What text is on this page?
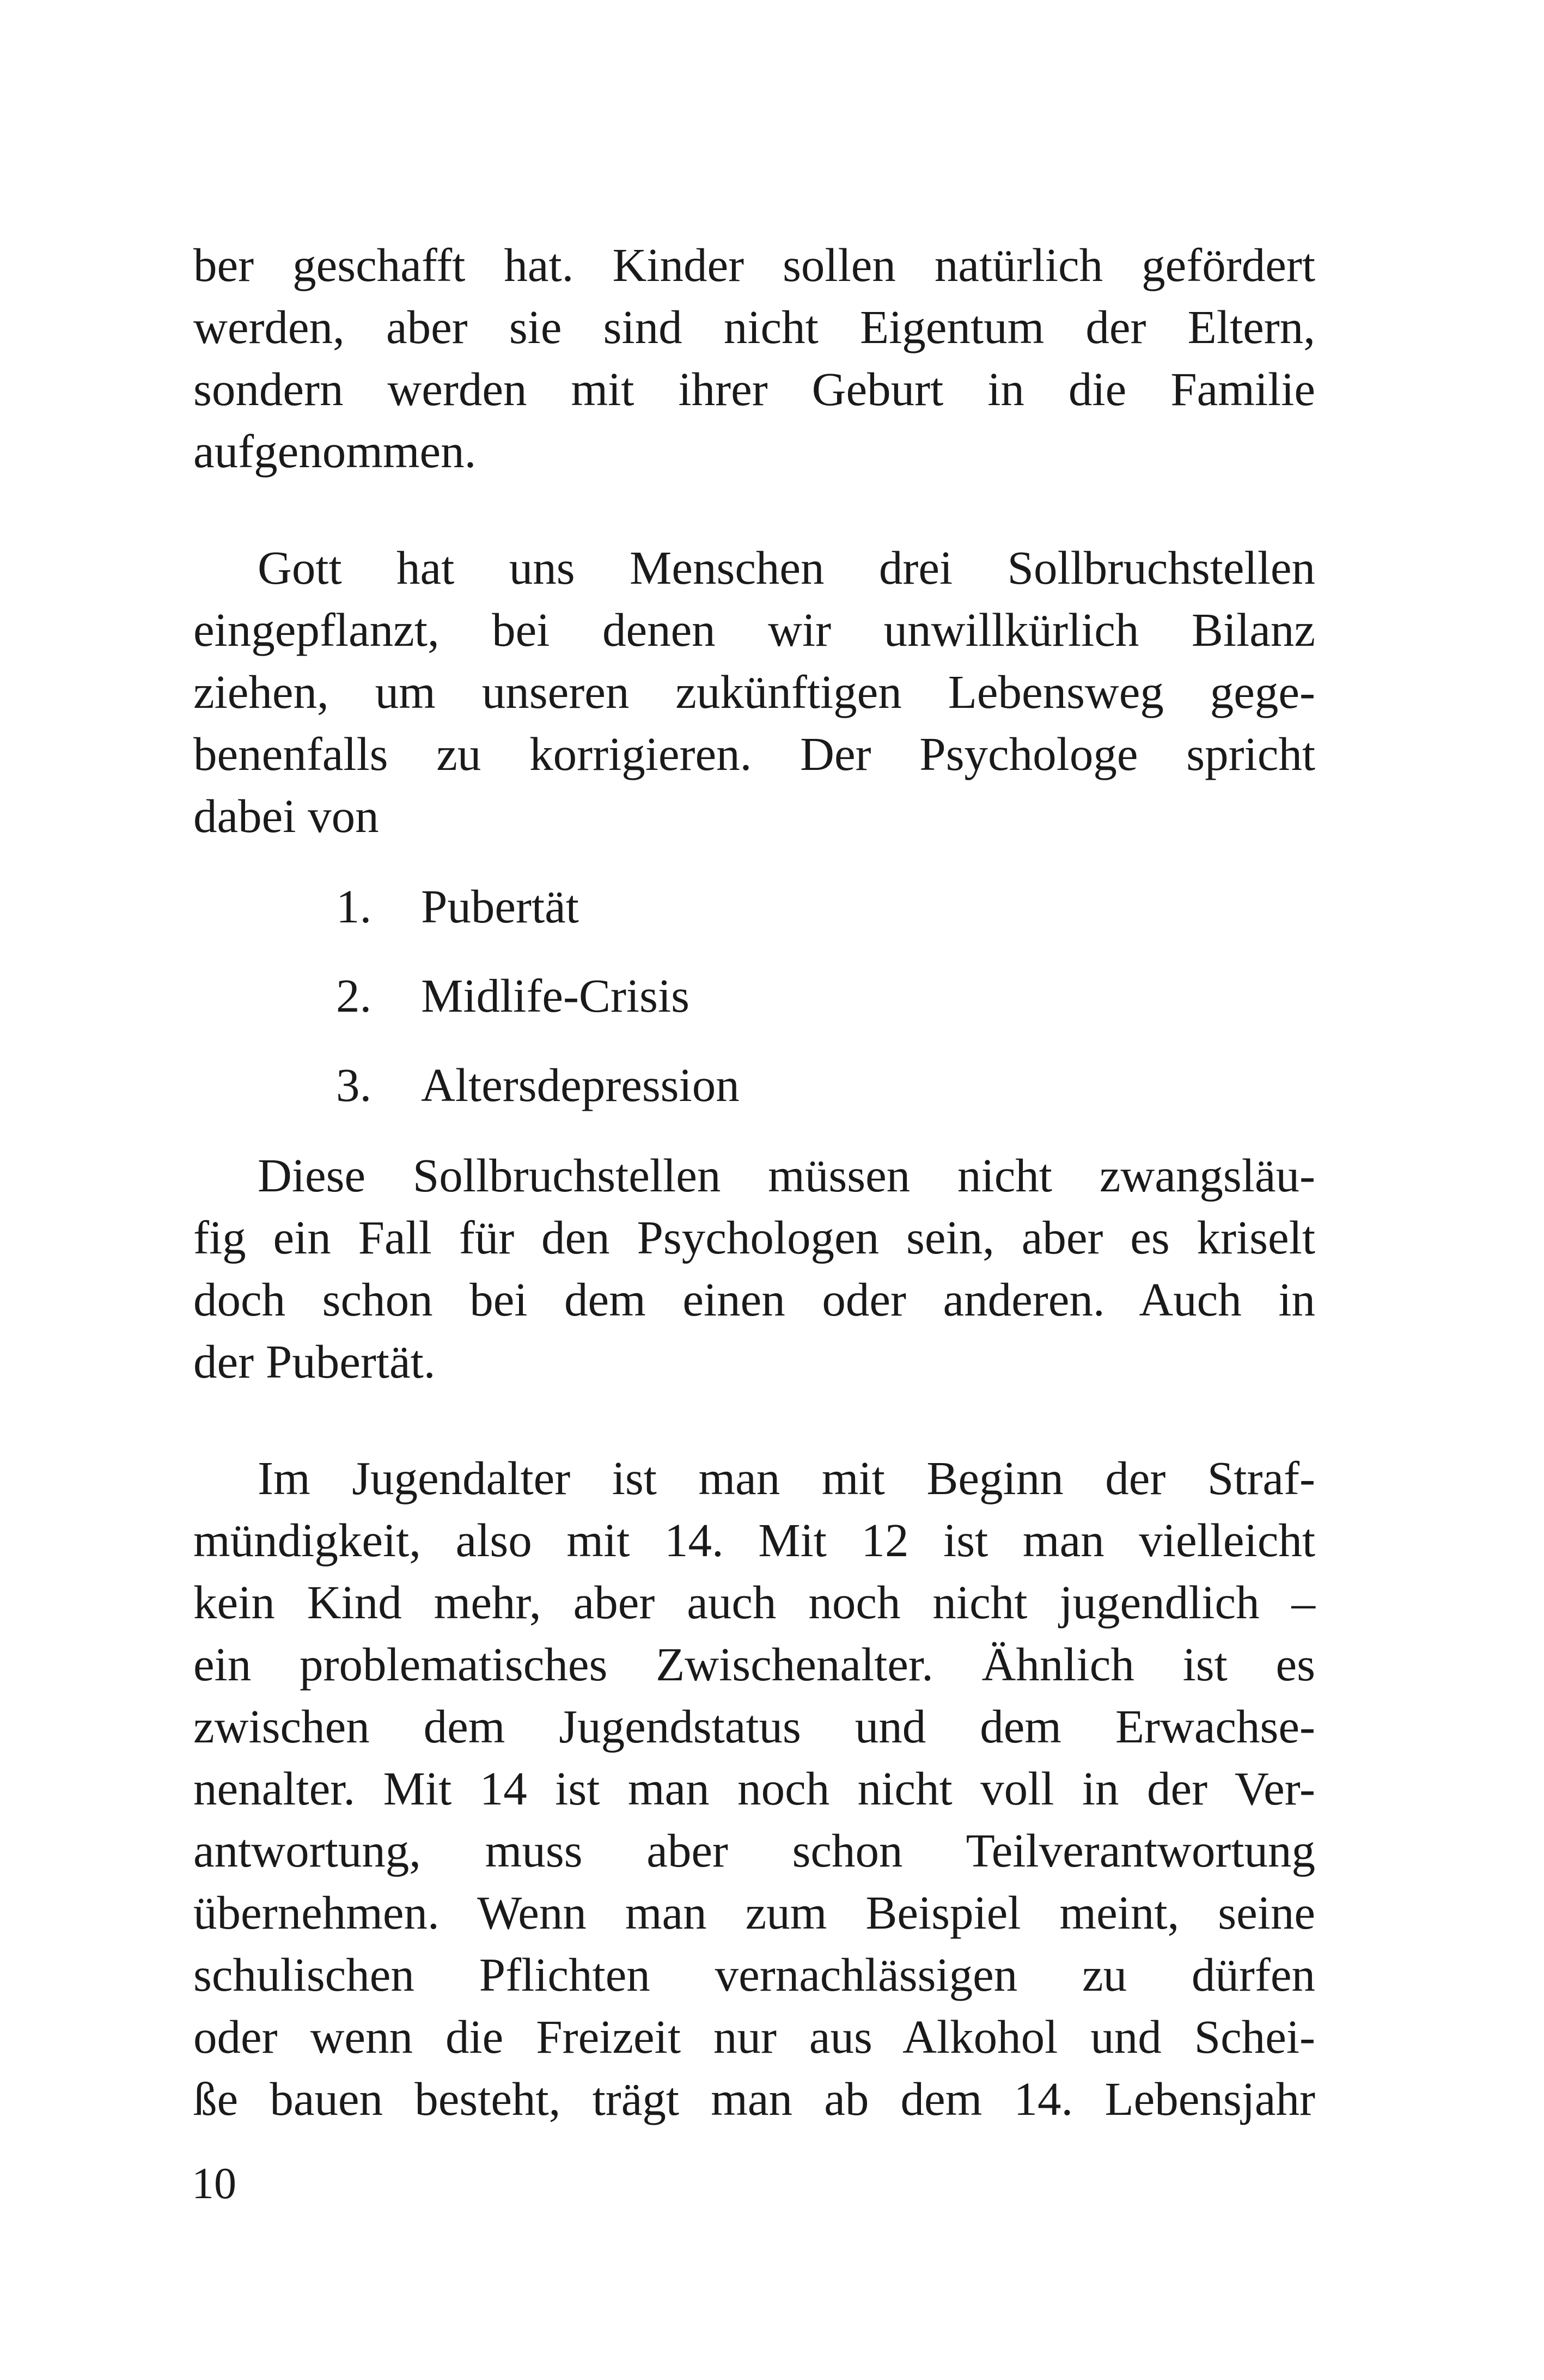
ber geschafft hat. Kinder sollen natürlich gefördert
werden, aber sie sind nicht Eigentum der Eltern,
sondern werden mit ihrer Geburt in die Familie
aufgenommen.
Gott hat uns Menschen drei Sollbruchstellen
eingepflanzt, bei denen wir unwillkürlich Bilanz
ziehen, um unseren zukünftigen Lebensweg gege-
benenfalls zu korrigieren. Der Psychologe spricht
dabei von
1.	Pubertät
2.	Midlife-Crisis
3.	Altersdepression
Diese Sollbruchstellen müssen nicht zwangsläu-
fig ein Fall für den Psychologen sein, aber es kriselt
doch schon bei dem einen oder anderen. Auch in
der Pubertät.
Im Jugendalter ist man mit Beginn der Straf-
mündigkeit, also mit 14. Mit 12 ist man vielleicht
kein Kind mehr, aber auch noch nicht jugendlich –
ein problematisches Zwischenalter. Ähnlich ist es
zwischen dem Jugendstatus und dem Erwachse-
nenalter. Mit 14 ist man noch nicht voll in der Ver-
antwortung, muss aber schon Teilverantwortung
übernehmen. Wenn man zum Beispiel meint, seine
schulischen Pflichten vernachlässigen zu dürfen
oder wenn die Freizeit nur aus Alkohol und Schei-
ße bauen besteht, trägt man ab dem 14. Lebensjahr
10
